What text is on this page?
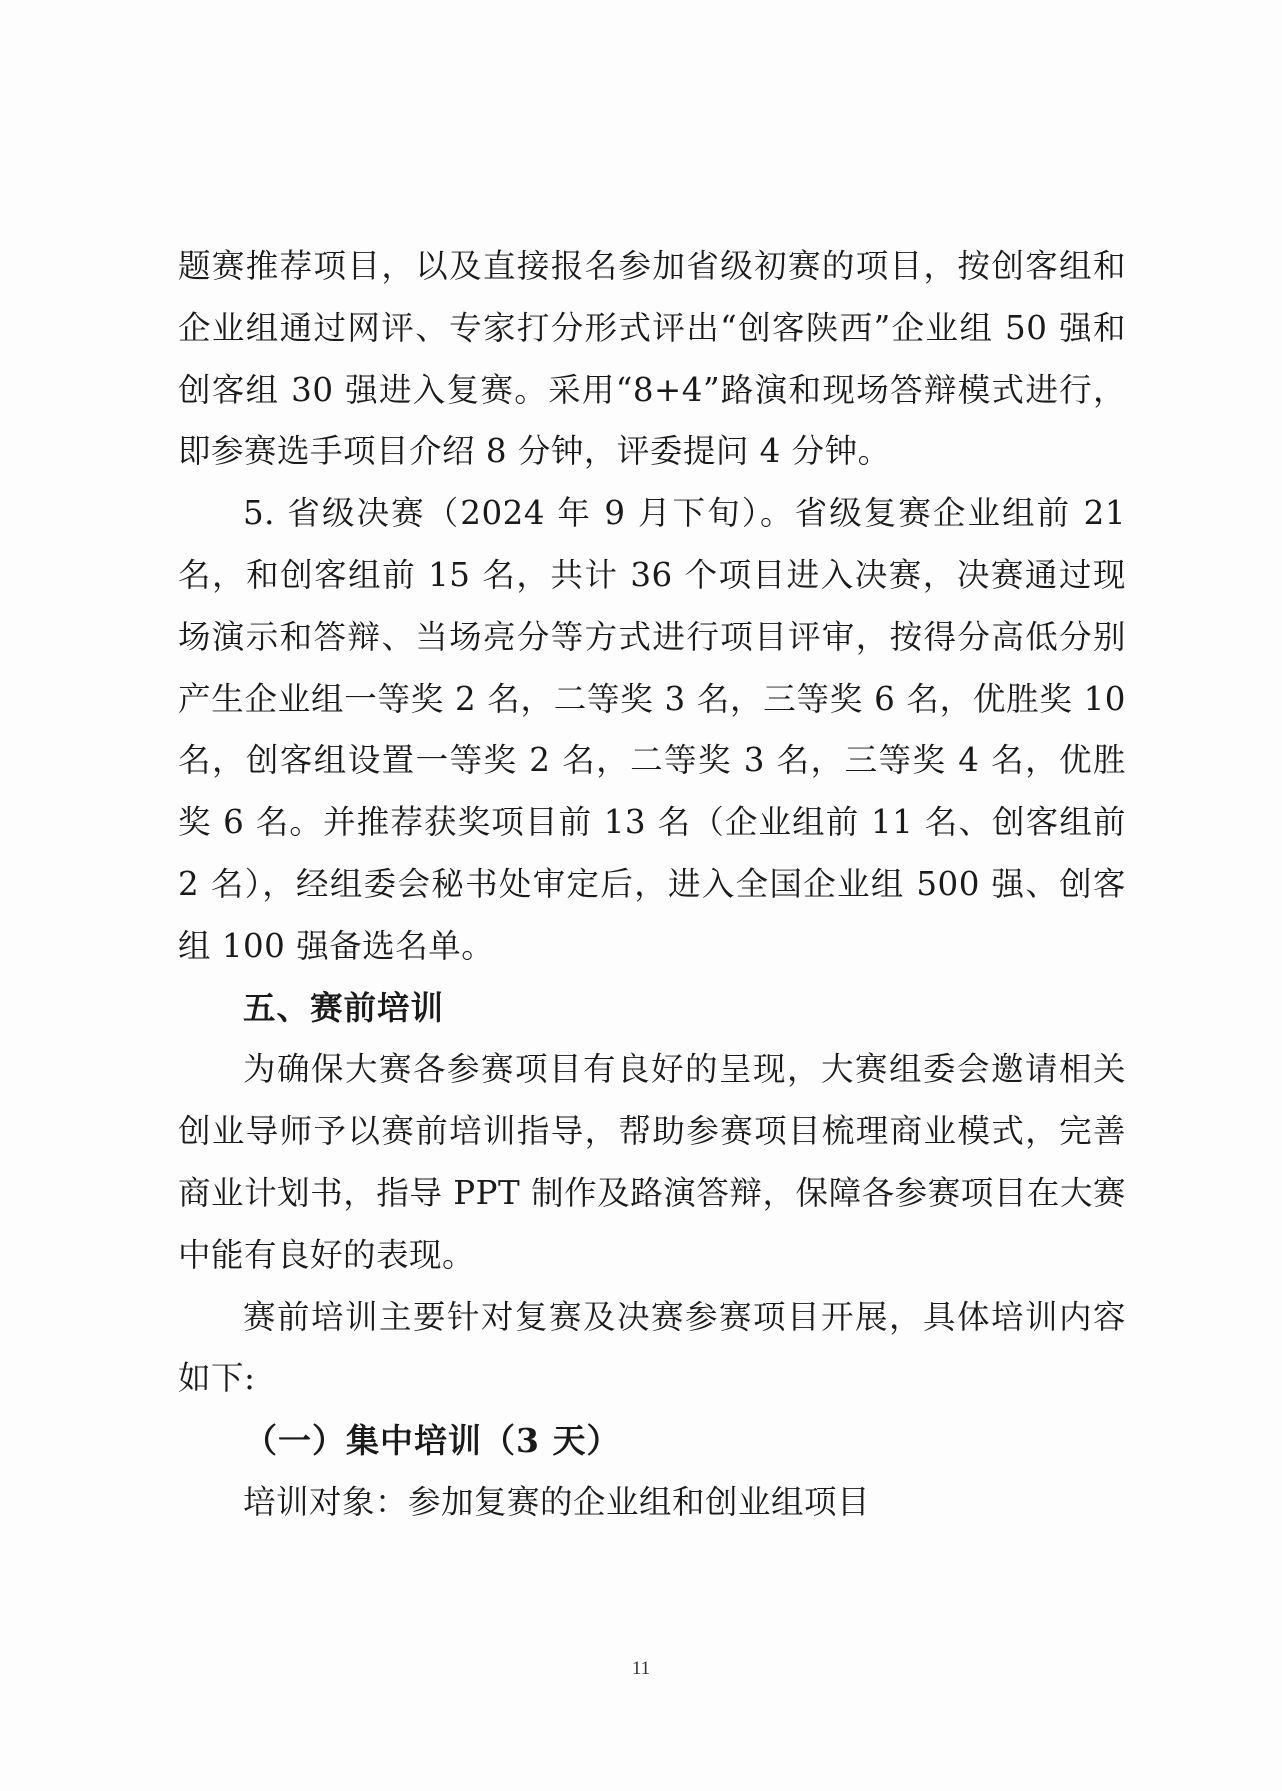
题赛推荐项目，以及直接报名参加省级初赛的项目，按创客组和企业组通过网评、专家打分形式评出“创客陕西”企业组 50 强和创客组 30 强进入复赛。采用“8+4”路演和现场答辩模式进行，即参赛选手项目介绍 8 分钟，评委提问 4 分钟。

5. 省级决赛（2024 年 9 月下旬）。省级复赛企业组前 21 名，和创客组前 15 名，共计 36 个项目进入决赛，决赛通过现场演示和答辩、当场亮分等方式进行项目评审，按得分高低分别产生企业组一等奖 2 名，二等奖 3 名，三等奖 6 名，优胜奖 10 名，创客组设置一等奖 2 名，二等奖 3 名，三等奖 4 名，优胜奖 6 名。并推荐获奖项目前 13 名（企业组前 11 名、创客组前 2 名），经组委会秘书处审定后，进入全国企业组 500 强、创客组 100 强备选名单。

五、赛前培训

为确保大赛各参赛项目有良好的呈现，大赛组委会邀请相关创业导师予以赛前培训指导，帮助参赛项目梳理商业模式，完善商业计划书，指导 PPT 制作及路演答辩，保障各参赛项目在大赛中能有良好的表现。

赛前培训主要针对复赛及决赛参赛项目开展，具体培训内容如下:

（一）集中培训（3 天）

培训对象：参加复赛的企业组和创业组项目

11
